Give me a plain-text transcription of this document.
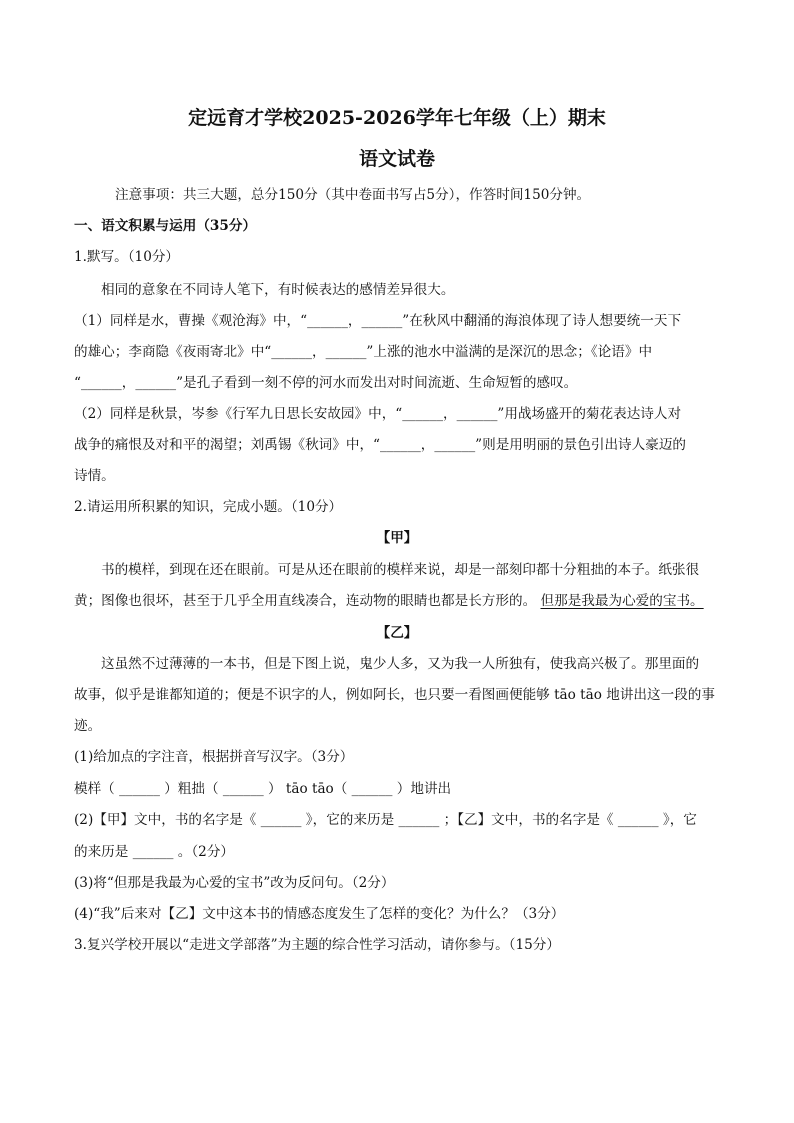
定远育才学校2025-2026学年七年级（上）期末
语文试卷
注意事项：共三大题，总分150分（其中卷面书写占5分），作答时间150分钟。
一、语文积累与运用（35分）
1.默写。（10分）
相同的意象在不同诗人笔下，有时候表达的感情差异很大。
（1）同样是水，曹操《观沧海》中，“______，______”在秋风中翻涌的海浪体现了诗人想要统一天下
的雄心；李商隐《夜雨寄北》中“______，______”上涨的池水中溢满的是深沉的思念；《论语》中
“______，______”是孔子看到一刻不停的河水而发出对时间流逝、生命短暂的感叹。
（2）同样是秋景，岑参《行军九日思长安故园》中，“______，______”用战场盛开的菊花表达诗人对
战争的痛恨及对和平的渴望；刘禹锡《秋词》中，“______，______”则是用明丽的景色引出诗人豪迈的
诗情。
2.请运用所积累的知识，完成小题。（10分）
【甲】
书的模样，到现在还在眼前。可是从还在眼前的模样来说，却是一部刻印都十分粗拙的本子。纸张很
黄；图像也很坏，甚至于几乎全用直线凑合，连动物的眼睛也都是长方形的。 但那是我最为心爱的宝书。
【乙】
这虽然不过薄薄的一本书，但是下图上说，鬼少人多，又为我一人所独有，使我高兴极了。那里面的
故事，似乎是谁都知道的；便是不识字的人，例如阿长，也只要一看图画便能够 tāo tāo 地讲出这一段的事
迹。
(1)给加点的字注音，根据拼音写汉字。（3分）
模样（ ______ ）粗拙（ ______ ） tāo tāo（ ______ ）地讲出
(2)【甲】文中，书的名字是《 ______ 》，它的来历是 ______ ；【乙】文中，书的名字是《 ______ 》，它
的来历是 ______ 。（2分）
(3)将“但那是我最为心爱的宝书”改为反问句。（2分）
(4)“我”后来对【乙】文中这本书的情感态度发生了怎样的变化？为什么？（3分）
3.复兴学校开展以“走进文学部落”为主题的综合性学习活动，请你参与。（15分）
